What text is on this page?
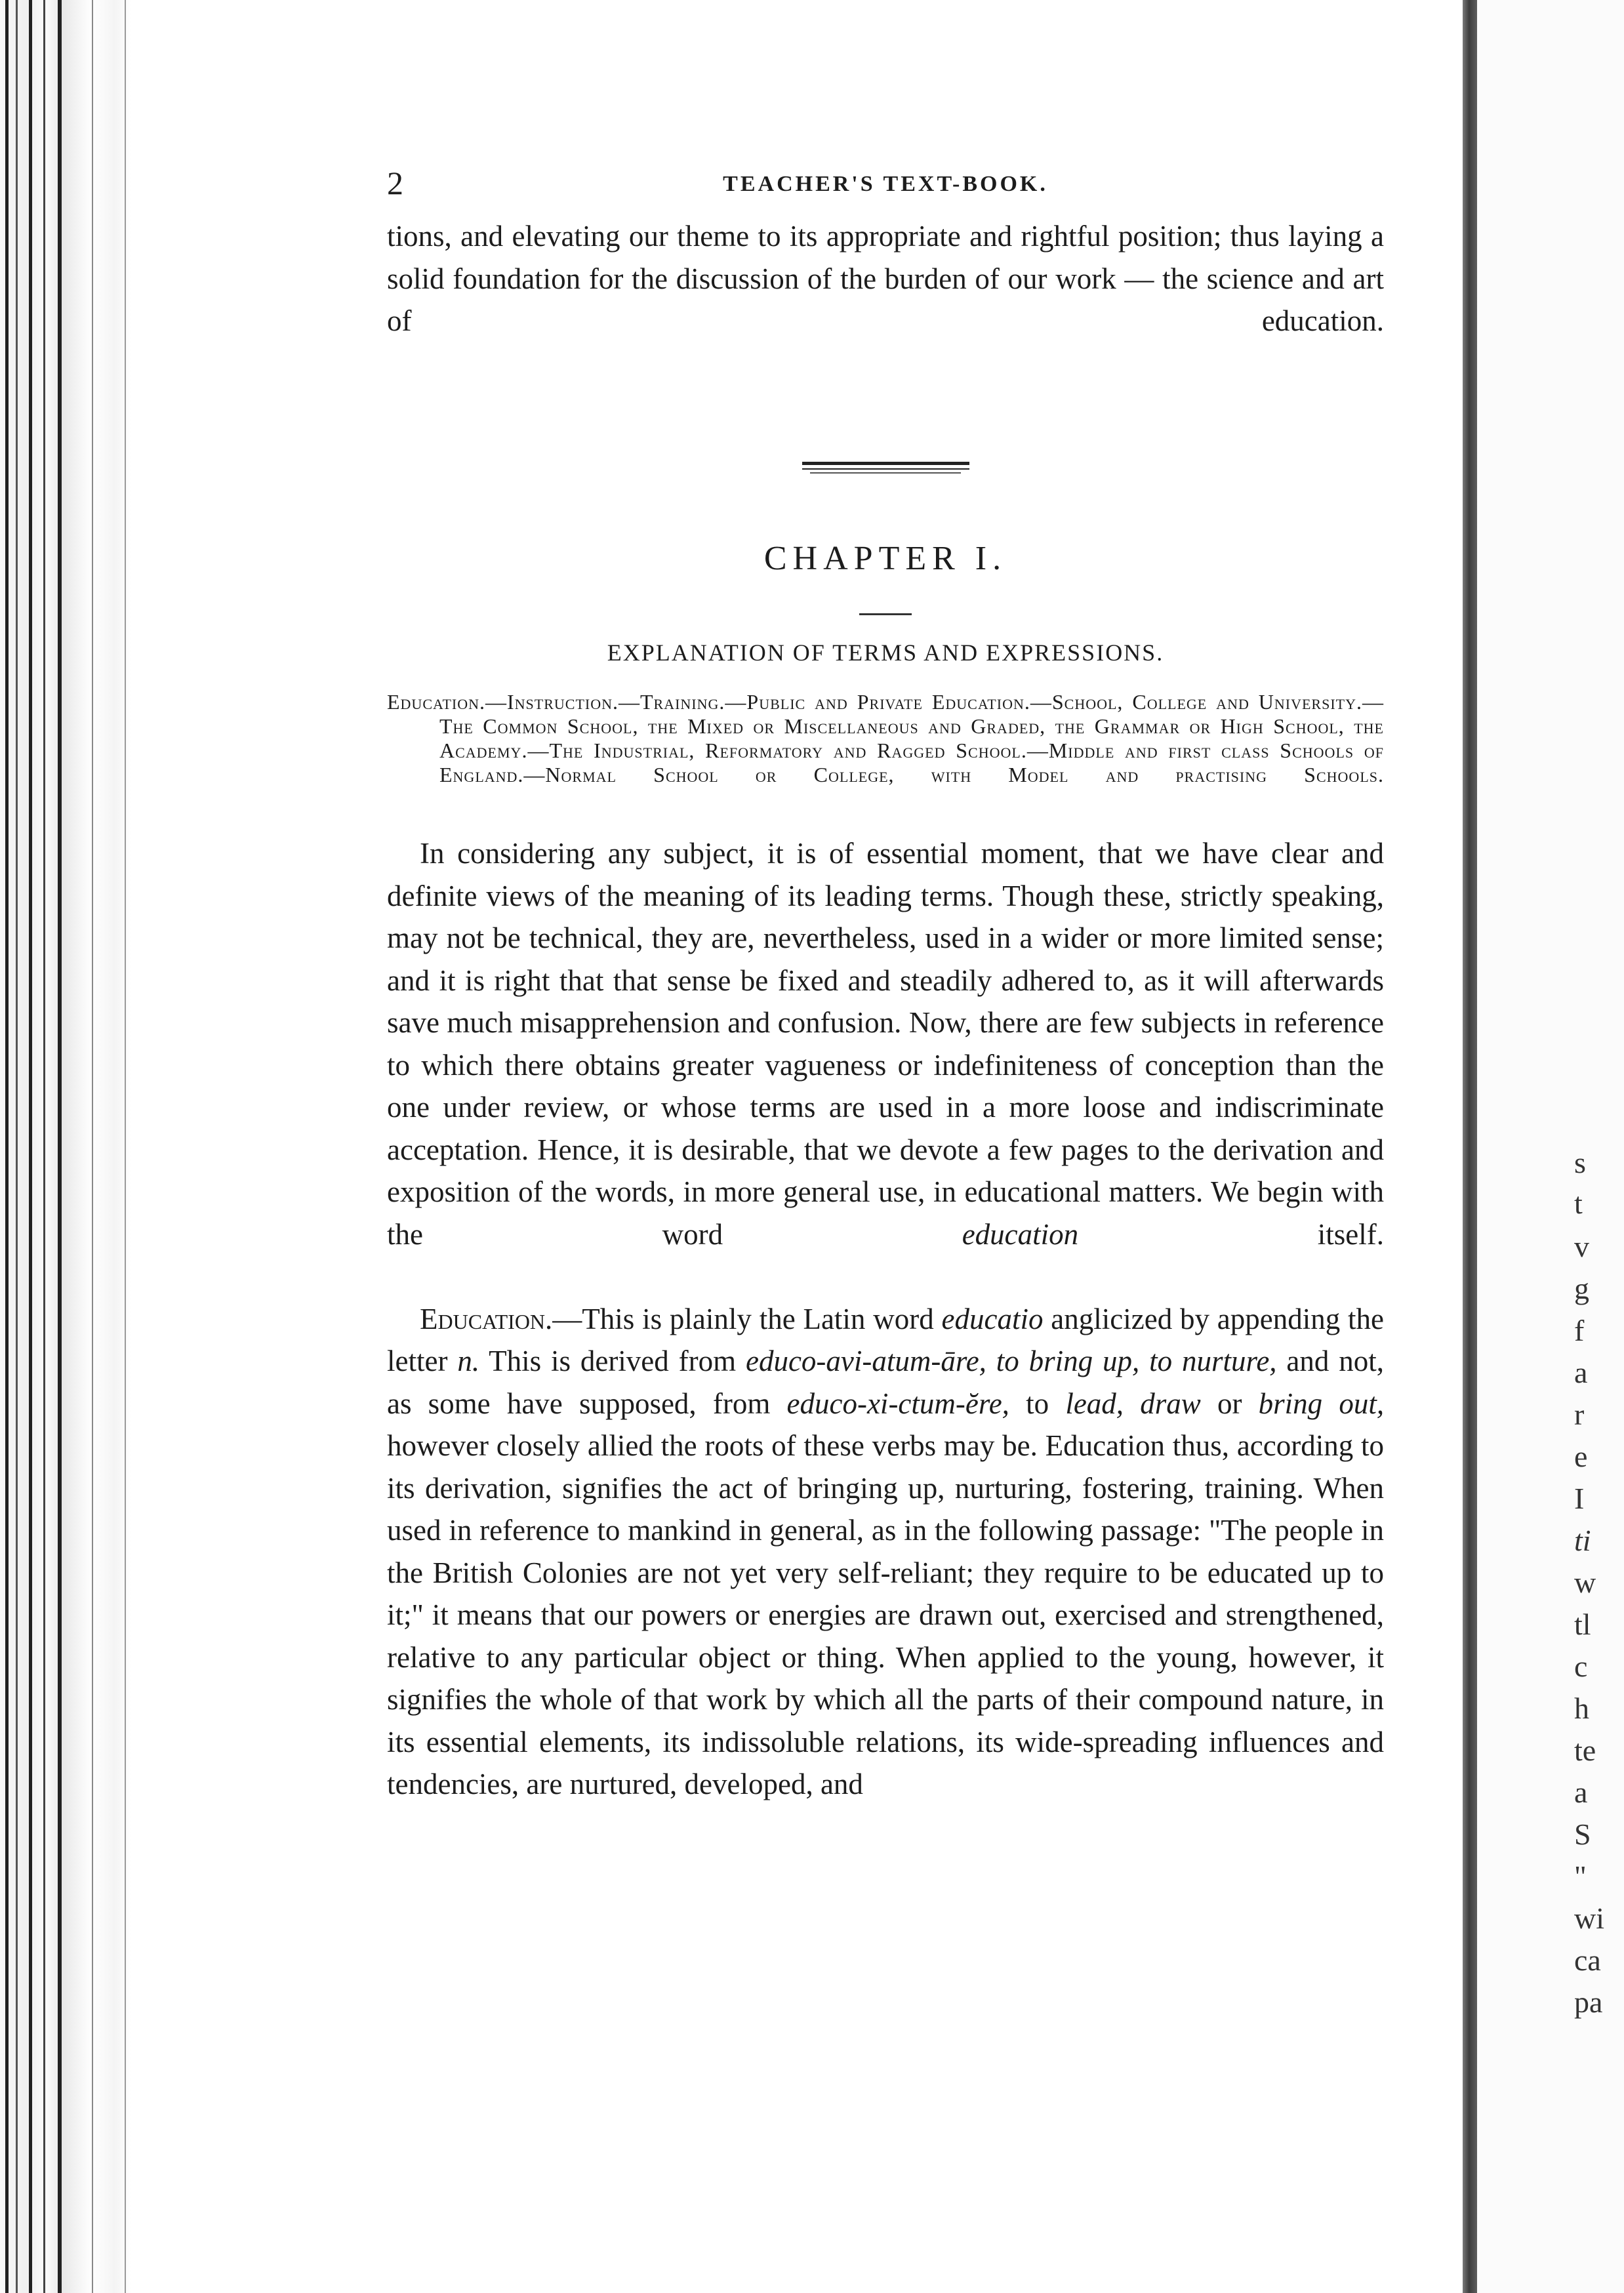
s
t
v
g
f
a
r
e
I
ti
w
tl
c
h
te
a
S
"
wi
ca
pa
2	TEACHER'S TEXT-BOOK.

tions, and elevating our theme to its appropriate and rightful position; thus laying a solid foundation for the discussion of the burden of our work — the science and art of education.

CHAPTER I.
EXPLANATION OF TERMS AND EXPRESSIONS.

Education.—Instruction.—Training.—Public and Private Education.—School, College and University.—The Common School, the Mixed or Miscellaneous and Graded, the Grammar or High School, the Academy.—The Industrial, Reformatory and Ragged School.—Middle and first class Schools of England.—Normal School or College, with Model and practising Schools.

In considering any subject, it is of essential moment, that we have clear and definite views of the meaning of its leading terms. Though these, strictly speaking, may not be technical, they are, nevertheless, used in a wider or more limited sense; and it is right that that sense be fixed and steadily adhered to, as it will afterwards save much misapprehension and confusion. Now, there are few subjects in reference to which there obtains greater vagueness or indefiniteness of conception than the one under review, or whose terms are used in a more loose and indiscriminate acceptation. Hence, it is desirable, that we devote a few pages to the derivation and exposition of the words, in more general use, in educational matters. We begin with the word	education	itself.

Education.—This is plainly the Latin word educatio anglicized by appending the letter n. This is derived from educo-avi-atum-āre, to bring up, to nurture, and not, as some have supposed, from educo-xi-ctum-ĕre, to lead, draw or bring out, however closely allied the roots of these verbs may be. Education thus, according to its derivation, signifies the act of bringing up, nurturing, fostering, training. When used in reference to mankind in general, as in the following passage: "The people in the British Colonies are not yet very self-reliant; they require to be educated up to it;" it means that our powers or energies are drawn out, exercised and strengthened, relative to any particular object or thing. When applied to the young, however, it signifies the whole of that work by which all the parts of their compound nature, in its essential elements, its indissoluble relations, its wide-spreading influences and tendencies, are nurtured, developed, and
